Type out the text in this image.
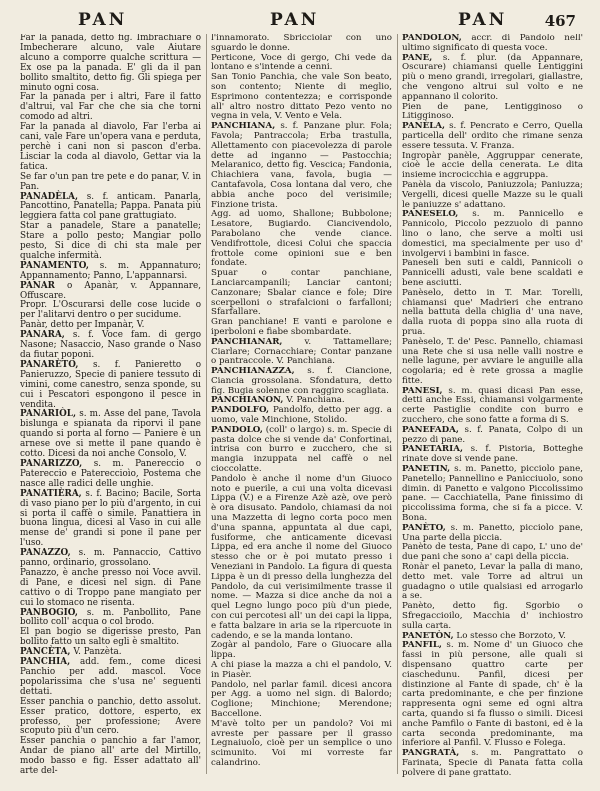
PAN	PAN	PAN 467

Far la panada, detto fig. Imbrachiare o Imbecherare alcuno, vale Aiutare alcuno a comporre qualche scrittura — Ex ose pa la panada. E' gli da il pan bollito smaltito, detto fig. Gli spiega per minuto ogni cosa.

Far la panada per i altri, Fare il fatto d'altrui, val Far che che sia che torni comodo ad altri.

Far la panada al diavolo, Far l'erba ai cani, vale Fare un'opera vana e perduta, perchè i cani non si pascon d'erba. Lisciar la coda al diavolo, Gettar via la fatica.

Se far o'un pan tre pete e do panar, V. in Pan.

PANADÈLA, s. f. anticam. Panarla, Pancottino, Panatella; Pappa. Panata più leggiera fatta col pane grattugiato.

Star a panadele, Stare a panatelle; Stare a pollo pesto; Mangiar pollo pesto, Si dice di chi sta male per qualche infermità.

PANAMENTO, s. m. Appannaturo; Appannamento; Panno, L'appannarsi.

PANAR o Apanàr, v. Appannare, Offuscare.

Propr. L'Oscurarsi delle cose lucide o per l'alitarvi dentro o per sucidume.

Panàr, detto per Impanàr, V.

PANARA, s. f. Voce fam. di gergo Nasone; Nasaccio, Naso grande o Naso da fiutar poponi.

PANARÈTO, s. f. Panieretto o Panieruzzo, Specie di paniere tessuto di vimini, come canestro, senza sponde, su cui i Pescatori espongono il pesce in vendita.

PANARIÒL, s. m. Asse del pane, Tavola bislunga e spianata da riporvi il pane quando si porta al forno — Paniere è un arnese ove si mette il pane quando è cotto. Dicesi da noi anche Consolo, V.

PANARIZZO, s. m. Panereccio o Patereccio e Patereccioìo, Postema che nasce alle radici delle unghie.

PANATIÈRA, s. f. Bacino; Bacile, Sorta di vaso piano per lo più d'argento, in cui si porta il caffè o simile. Panattiera in buona lingua, dicesi al Vaso in cui alle mense de' grandi si pone il pane per l'uso.

PANAZZO, s. m. Pannaccio, Cattivo panno, ordinario, grossolano.

Panazzo, è anche presso noi Voce avvil. di Pane, e dicesi nel sign. di Pane cattivo o di Troppo pane mangiato per cui lo stomaco ne risenta.

PANBOGIO, s. m. Panbollito, Pane bollito coll' acqua o col brodo.

El pan bogio se digerisse presto, Pan bollito fatto un salto egli è smaltito.

PANCÈTA, V. Panzèta.

PANCHIA, add. fem., come dicesi Panchio per add. mascol. Voce popolarissima che s'usa ne' seguenti dettati.

Esser panchia o panchio, detto assolut. Esser pratico, dottore, esperto, ex professo, per professione; Avere scoputo più d'un cero.

Esser panchia o panchio a far l'amor, Andar de piano all' arte del Mirtillo, modo basso e fig. Esser adattato all' arte del-

l'innamorato. Sbricciolar con uno sguardo le donne.

Perticone, Voce di gergo, Chi vede da lontano e s'intende a cenni.

San Tonio Panchia, che vale Son beato, son contento; Niente di meglio, Esprimono contentezza; e corrisponde all' altro nostro dittato Pezo vento no vegna in vela, V. Vento e Vela.

PANCHIANA, s. f. Panzane plur. Fola; Favola; Pantraccola; Erba trastulla, Allettamento con piacevolezza di parole dette ad inganno — Pastocchia; Melaranico, detto fig. Vescica; Fandonia, Chiachiera vana, favola, bugia — Cantafavola, Cosa lontana dal vero, che abbia anche poco del verisimile; Finzione trista.

Agg. ad uomo, Shallone; Bubbolone; Lesatore, Bugiardo. Ciancivendolo, Parabolano che vende ciance. Vendifrottole, dicesi Colui che spaccia frottole come opinioni sue e ben fondate.

Spuar o contar panchiane, Lanciarcampanili; Lanciar cantoni; Canzonare; Sbalar ciance e fole; Dire scerpelloni o strafalcioni o farfalloni; Sfarfallare.

Gran panchiane! E vanti e parolone e iperboloni e fiabe sbombardate.

PANCHIANAR,	v. Tattamellare; Ciarlare; Cornacchiare; Contar panzane o pantraccole. V. Panchiana.

PANCHIANAZZA, s. f. Ciancione, Ciancia grossolana. Sfondatura, detto fig. Bugia solenne con raggiro scagliata.

PANCHIANON, V. Panchiana.

PANDOLFO, Pandolfo, detto per agg. a uomo, vale Minchione, Stolido.

PANDOLO, (coll' o largo) s. m. Specie di pasta dolce che si vende da' Confortinai, intrisa con burro e zucchero, che si mangia inzuppata nel caffè o nel cioccolatte.

Pandolo è anche il nome d'un Giuoco noto e puerile, a cui una volta dicevasi Lippa (V.) e a Firenze Azè azè, ove però è ora disusato. Pandolo, chiamasi da noi una Mazzetta di legno corta poco men d'una spanna, appuntata al due capi, fusiforme, che anticamente dicevasi Lippa, ed era anche il nome del Giuoco stesso che or è poi mutato presso i Veneziani in Pandolo. La figura di questa Lippa è un di presso della lunghezza del Pandolo, da cui verisimilmente trasse il nome. — Mazza si dice anche da noi a quel Legno lungo poco più d'un piede, con cui percotesi all' un dei capi la lippa, e fatta balzare in aria se la ripercuote in cadendo, e se la manda lontano.

Zogàr al pandolo, Fare o Giuocare alla lippa.

A chi piase la mazza a chi el pandolo, V. in Piasèr.

Pandolo, nel parlar famil. dicesi ancora per Agg. a uomo nel sign. di Balordo; Coglione; Minchione; Merendone; Baccellone.

M'avè tolto per un pandolo? Voi mi avreste per passare per il grasso Legnaiuolo, cioè per un semplice o uno scimunito. Voi mi vorreste far calandrino.

PANDOLÒN, accr. di Pandolo nell' ultimo significato di questa voce.

PANE, s. f. plur. (da Appannare, Oscurare) chiamansi quelle Lentiggini più o meno grandi, irregolari, giallastre, che vengono altrui sul volto e ne appannano il colorito.

Pien de pane, Lentigginoso o Litigginoso.

PANÈLA, s. f. Pencrato e Cerro, Quella particella dell' ordito che rimane senza essere tessuta. V. Franza.

Ingropàr panèle, Aggruppar cenerate, cioè le accie della cenerata. Le dita insieme incrocicchia e aggruppa.

Panèla da viscolo, Paniuzzola; Paniuzza; Vergelli, dicesi quelle Mazze su le quali le paniuzze s' adattano.

PANESELO, s. m. Pannicello e Pannicolo, Piccolo pezzuolo di panno lino o lano, che serve a molti usi domestici, ma specialmente per uso d' involgervi i bambini in fasce.

Paneseli ben suti e caldi, Pannicoli o Pannicelli adusti, vale bene scaldati e bene asciutti.

Panèselo, detto in T. Mar. Torelli, chiamansi que' Madrieri che entrano nella battuta della chiglia d' una nave, dalla ruota di poppa sino alla ruota di prua.

Panèselo, T. de' Pesc. Pannello, chiamasi una Rete che si usa nelle valli nostre e nelle lagune, per avviare le anguille alla cogolaria; ed è rete grossa a maglie fitte.

PANESI, s. m. quasi dicasi Pan esse, detti anche Essi, chiamansi volgarmente certe Pastiglie condite con burro e zucchero, che sono fatte a forma di S.

PANEFADA, s. f. Panata, Colpo di un pezzo di pane.

PANETARIA, s. f. Pistoria, Botteghe rinate dove si vende pane.

PANETIN, s. m. Panetto, picciolo pane, Panetello; Pannellino e Panicciuolo, sono dimin. di Panetto e valgono Piccolissimo pane. — Cacchiatella, Pane finissimo di piccolissima forma, che si fa a picce. V. Bona.

PANÈTO, s. m. Panetto, picciolo pane, Una parte della piccia.

Panèto de testa, Pane di capo, L' uno de' due pani che sono a' capi della piccia.

Ronàr el paneto, Levar la palla di mano, detto met. vale Torre ad altrui un guadagno o utile qualsiasi ed arrogarlo a se.

Panèto, detto fig. Sgorbio o Sfregaccioilo, Macchia d' inchiostro sulla carta.

PANETÒN, Lo stesso che Borzoto, V.

PANFIL, s. m. Nome d' un Giuoco che fassi in più persone, alle quali si dispensano quattro carte per ciaschedunu. Panfil, dicesi per distinzione al Fante di spade, ch' è la carta predominante, e che per finzione rappresenta ogni seme ed ogni altra carta, quando si fa flusso o simili. Dicesi anche Pamfilo o Fante di bastoni, ed è la carta seconda predominante, ma inferiore al Panfil. V. Flusso e Folega.

PANGRATÀ, s. m. Pangrattato o Farinata, Specie di Panata fatta colla polvere di pane grattato.
